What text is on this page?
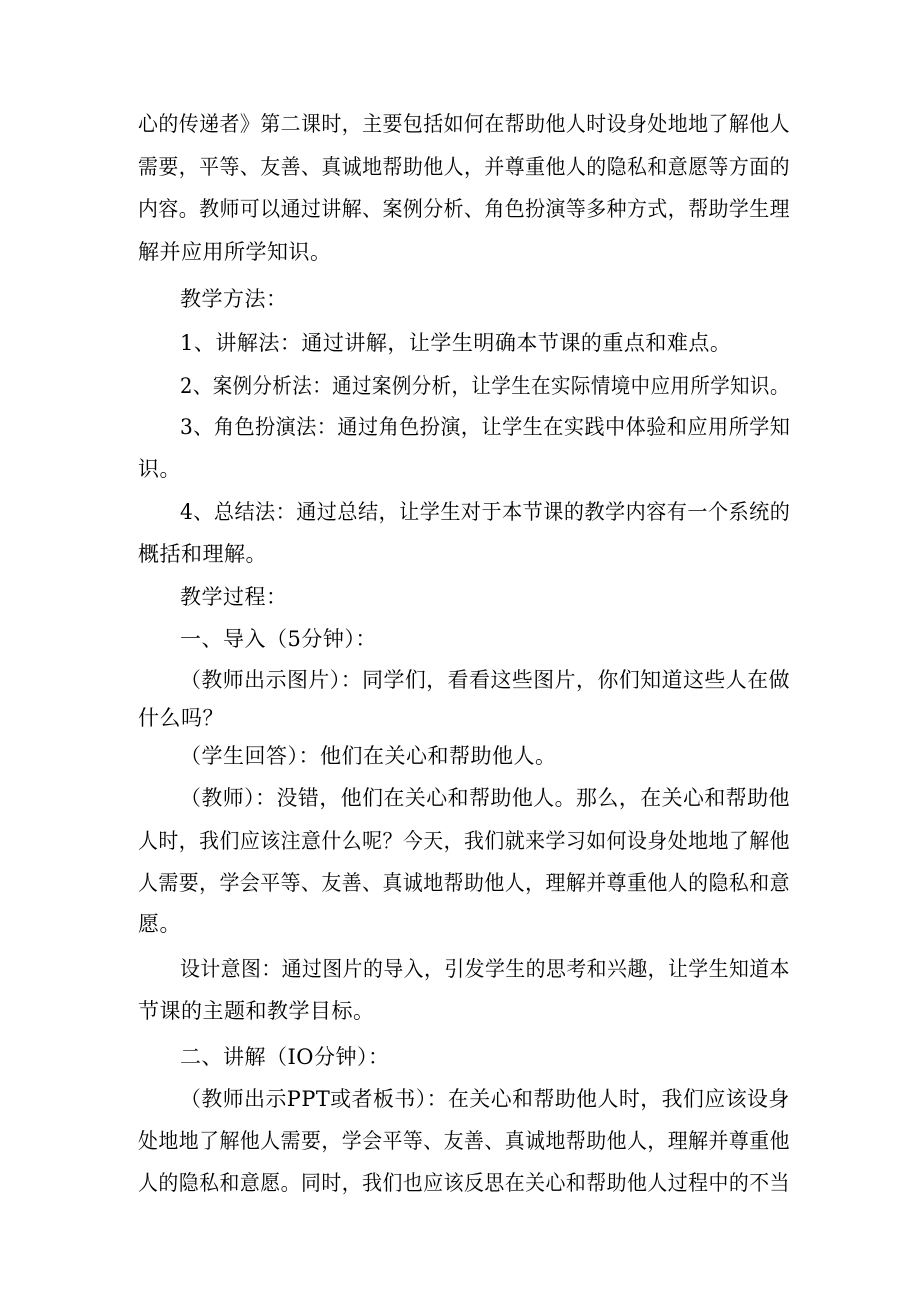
心的传递者》第二课时，主要包括如何在帮助他人时设身处地地了解他人
需要，平等、友善、真诚地帮助他人，并尊重他人的隐私和意愿等方面的
内容。教师可以通过讲解、案例分析、角色扮演等多种方式，帮助学生理
解并应用所学知识。
教学方法：
1、讲解法：通过讲解，让学生明确本节课的重点和难点。
2、案例分析法：通过案例分析，让学生在实际情境中应用所学知识。
3、角色扮演法：通过角色扮演，让学生在实践中体验和应用所学知
识。
4、总结法：通过总结，让学生对于本节课的教学内容有一个系统的
概括和理解。
教学过程：
一、导入（5分钟）：
（教师出示图片）：同学们，看看这些图片，你们知道这些人在做
什么吗？
（学生回答）：他们在关心和帮助他人。
（教师）：没错，他们在关心和帮助他人。那么，在关心和帮助他
人时，我们应该注意什么呢？今天，我们就来学习如何设身处地地了解他
人需要，学会平等、友善、真诚地帮助他人，理解并尊重他人的隐私和意
愿。
设计意图：通过图片的导入，引发学生的思考和兴趣，让学生知道本
节课的主题和教学目标。
二、讲解（IO分钟）：
（教师出示PPT或者板书）：在关心和帮助他人时，我们应该设身
处地地了解他人需要，学会平等、友善、真诚地帮助他人，理解并尊重他
人的隐私和意愿。同时，我们也应该反思在关心和帮助他人过程中的不当
